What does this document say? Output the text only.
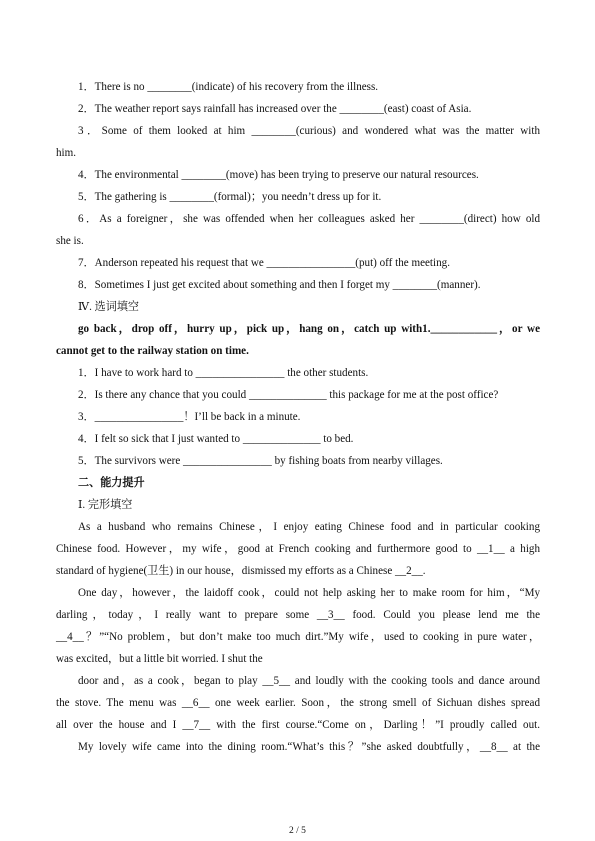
1．There is no ________(indicate) of his recovery from the illness.
2．The weather report says rainfall has increased over the ________(east) coast of Asia.
3．Some of them looked at him ________(curious) and wondered what was the matter with
him.
4．The environmental ________(move) has been trying to preserve our natural resources.
5．The gathering is ________(formal)；you needn’t dress up for it.
6．As a foreigner，she was offended when her colleagues asked her ________(direct) how old
she is.
7．Anderson repeated his request that we ________________(put) off the meeting.
8．Sometimes I just get excited about something and then I forget my ________(manner).
Ⅳ. 选词填空
go back，drop off，hurry up，pick up，hang on，catch up with1.____________，or we
cannot get to the railway station on time.
1．I have to work hard to ________________ the other students.
2．Is there any chance that you could ______________ this package for me at the post office?
3．________________！I’ll be back in a minute.
4．I felt so sick that I just wanted to ______________ to bed.
5．The survivors were ________________ by fishing boats from nearby villages.
二、能力提升
Ⅰ. 完形填空
As a husband who remains Chinese，I enjoy eating Chinese food and in particular cooking
Chinese food. However，my wife，good at French cooking and furthermore good to __1__ a high
standard of hygiene(卫生) in our house，dismissed my efforts as a Chinese __2__.
One day，however，the laidoff cook，could not help asking her to make room for him，“My
darling，today，I really want to prepare some __3__ food. Could you please lend me the
__4__？”“No problem，but don’t make too much dirt.”My wife，used to cooking in pure water，
was excited，but a little bit worried. I shut the
door and，as a cook，began to play __5__ and loudly with the cooking tools and dance around
the stove. The menu was __6__ one week earlier. Soon，the strong smell of Sichuan dishes spread
all over the house and I __7__ with the first course.“Come on，Darling！”I proudly called out.
My lovely wife came into the dining room.“What’s this？”she asked doubtfully，__8__ at the
2 / 5
